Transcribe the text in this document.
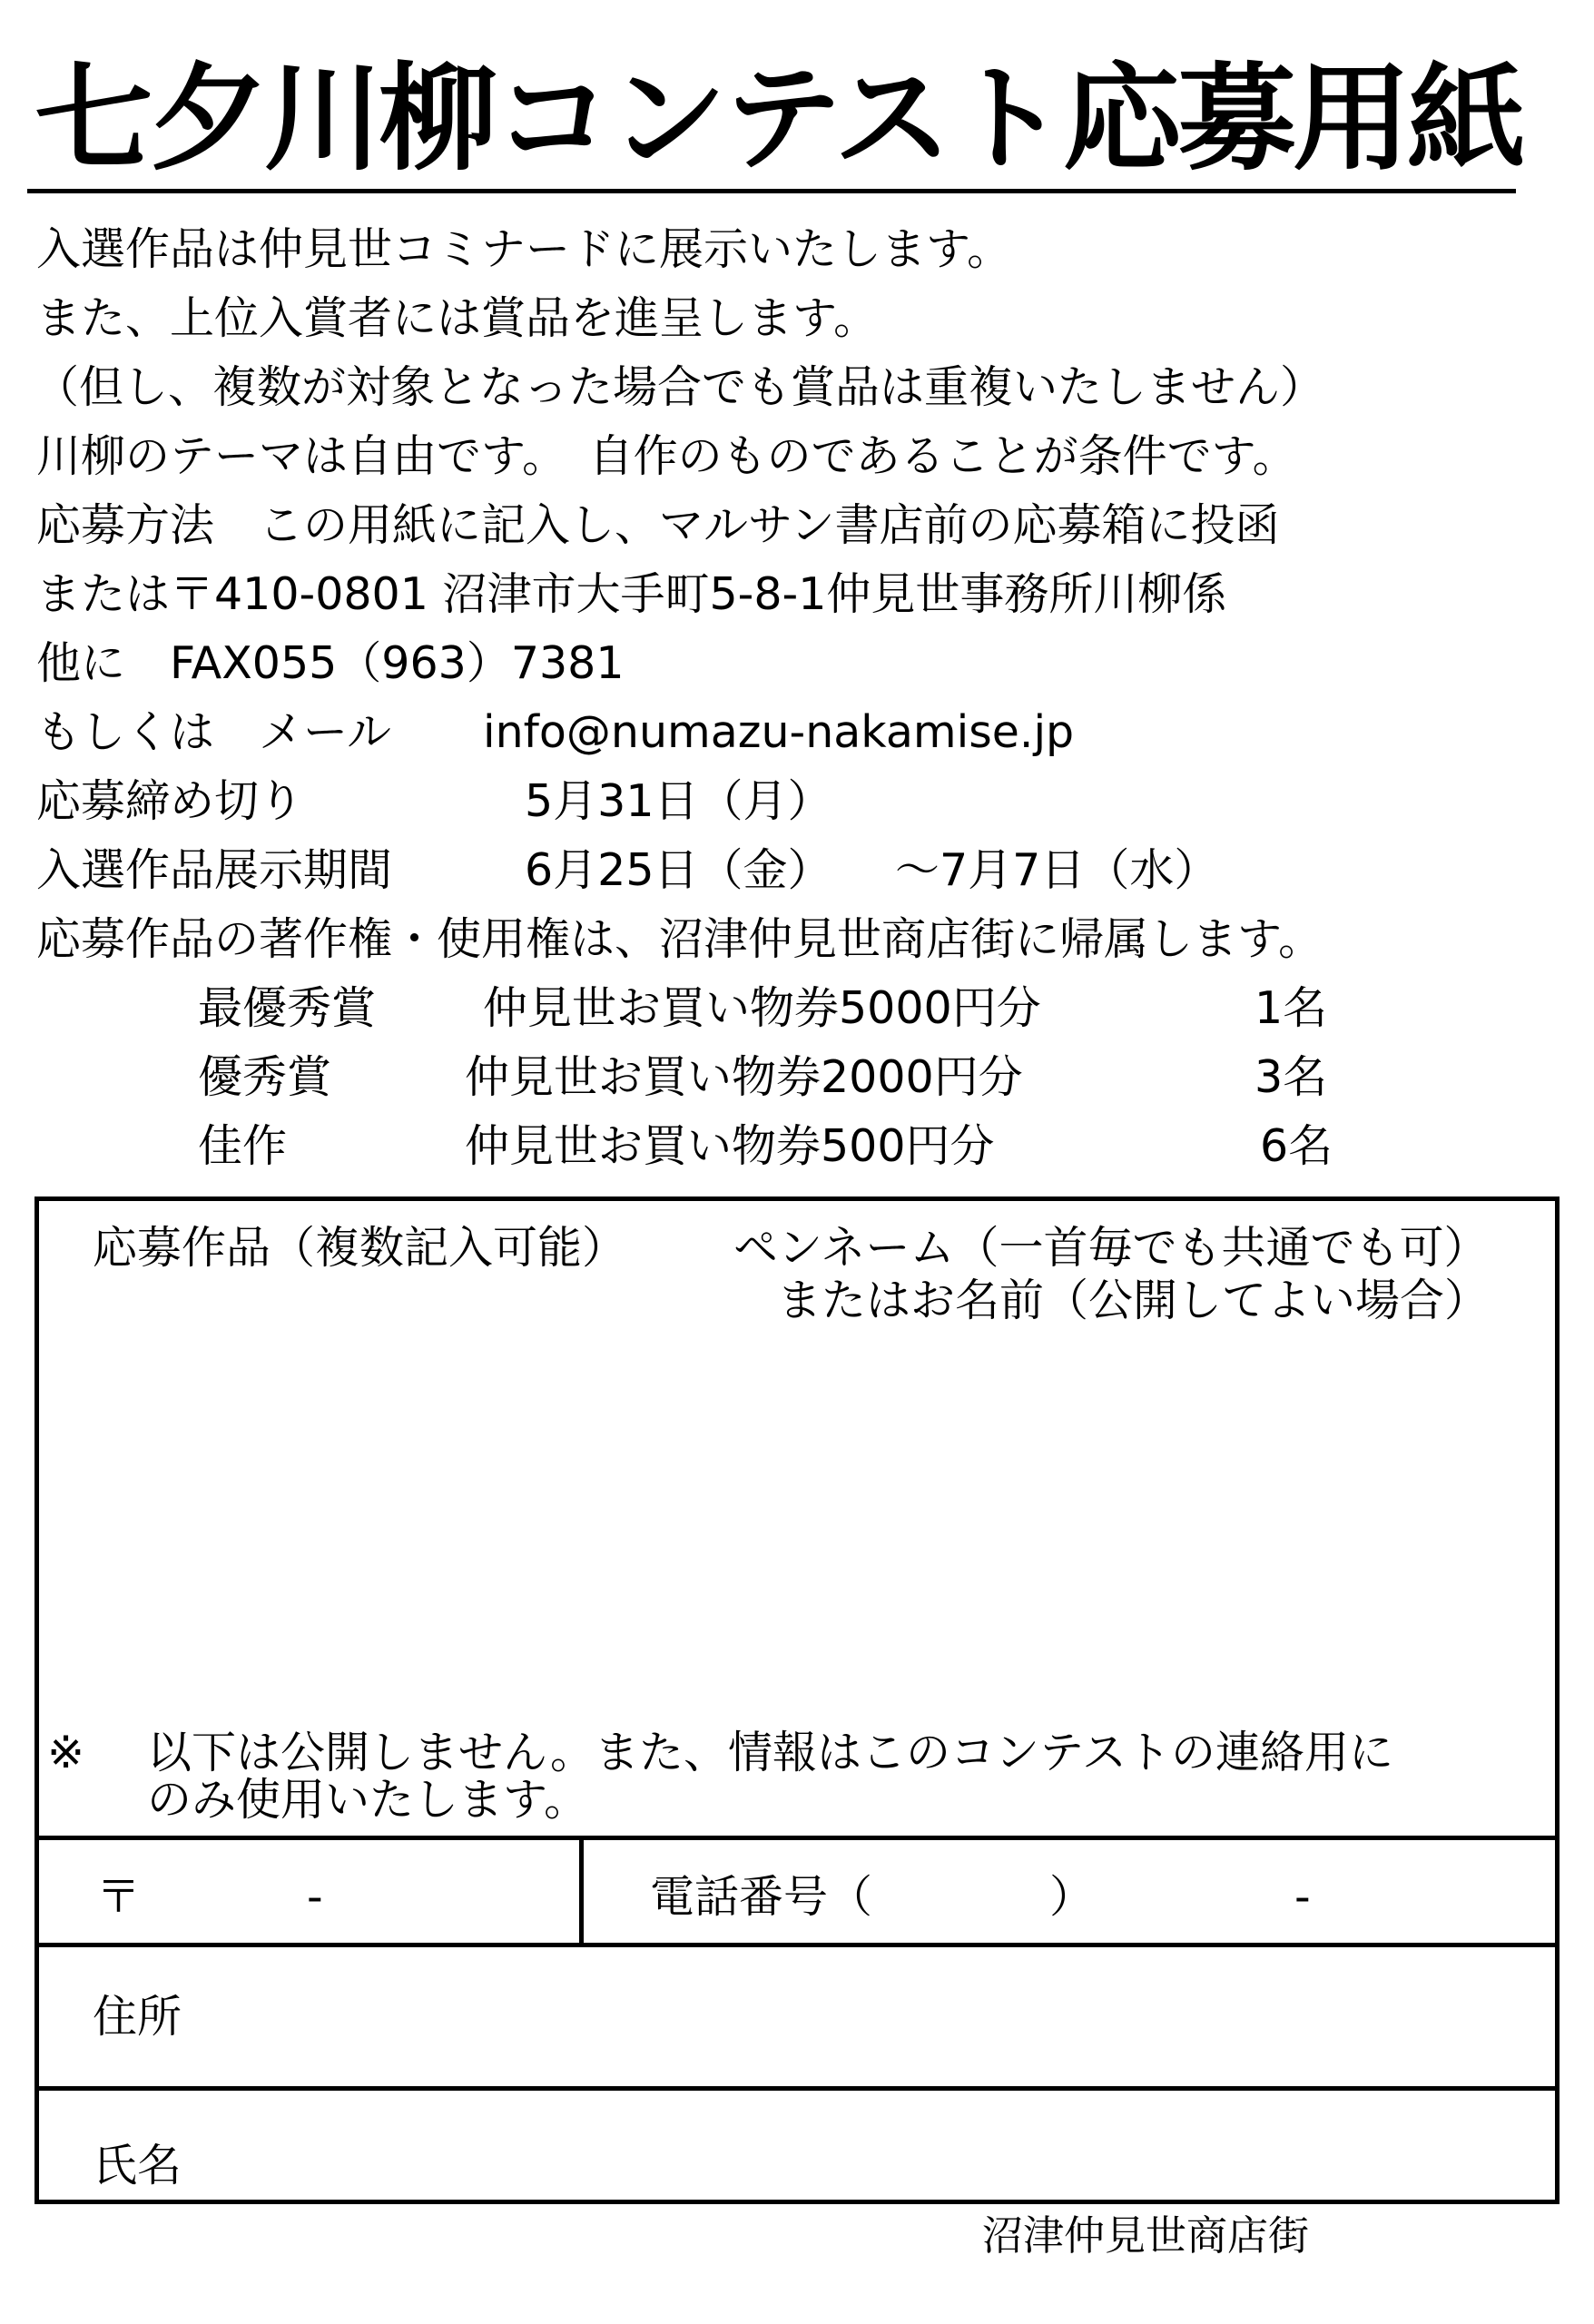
七夕川柳コンテスト応募用紙
入選作品は仲見世コミナードに展示いたします。
また、上位入賞者には賞品を進呈します。
（但し、複数が対象となった場合でも賞品は重複いたしません）
川柳のテーマは自由です。　自作のものであることが条件です。
応募方法　この用紙に記入し、マルサン書店前の応募箱に投函
または〒410-0801 沼津市大手町5-8-1仲見世事務所川柳係
他に　FAX055（963）7381
もしくは　メール info@numazu-nakamise.jp
応募締め切り	5月31日（月）
入選作品展示期間	6月25日（金） ～7月7日（水）
応募作品の著作権・使用権は、沼津仲見世商店街に帰属します。
最優秀賞 仲見世お買い物券5000円分	1名
優秀賞	仲見世お買い物券2000円分	3名
佳作	仲見世お買い物券500円分	6名
応募作品（複数記入可能） ペンネーム（一首毎でも共通でも可）
またはお名前（公開してよい場合）
※ 以下は公開しません。また、情報はこのコンテストの連絡用に
のみ使用いたします。
〒	-	電話番号（	）	-
住所
氏名
沼津仲見世商店街
